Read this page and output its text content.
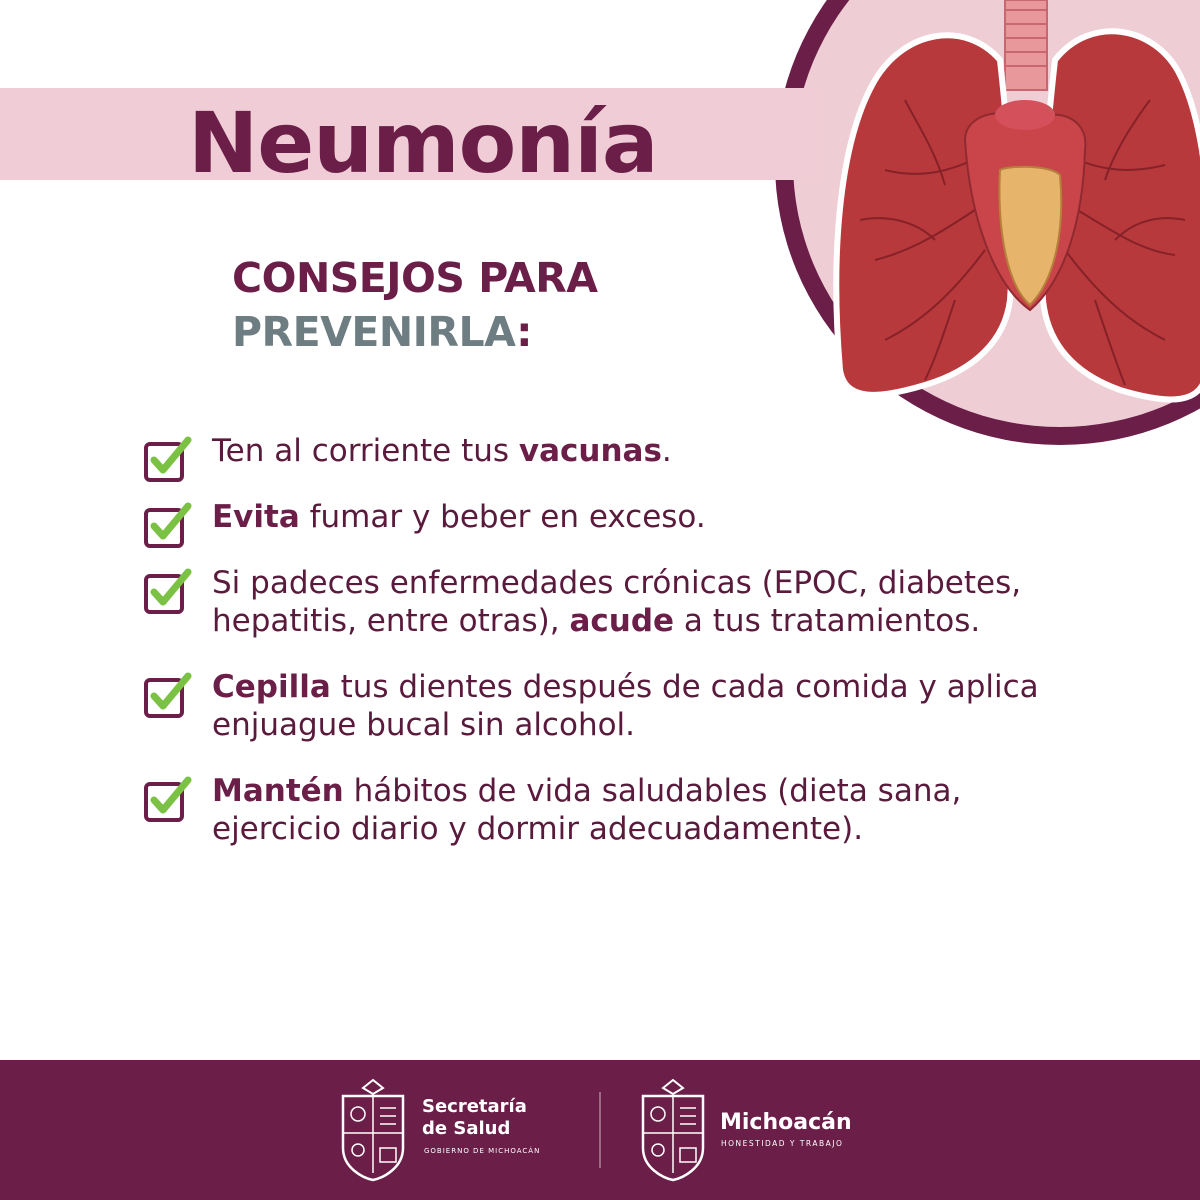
Neumonía

CONSEJOS PARA

PREVENIRLA:

Ten al corriente tus vacunas.
Evita fumar y beber en exceso.
Si padeces enfermedades crónicas (EPOC, diabetes, hepatitis, entre otras), acude a tus tratamientos.
Cepilla tus dientes después de cada comida y aplica enjuague bucal sin alcohol.
Mantén hábitos de vida saludables (dieta sana, ejercicio diario y dormir adecuadamente).
Secretaría
de Salud
GOBIERNO DE MICHOACÁN
Michoacán
HONESTIDAD Y TRABAJO
